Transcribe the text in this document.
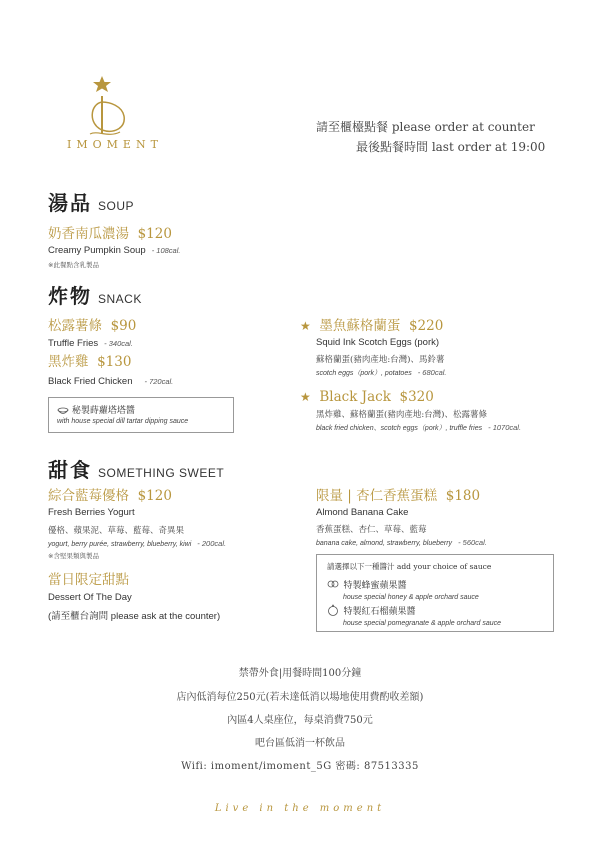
IMOMENT
請至櫃檯點餐 please order at counter
最後點餐時間 last order at 19:00
湯品 SOUP
奶香南瓜濃湯 $120
Creamy Pumpkin Soup - 108cal.
※此餐點含乳製品
炸物 SNACK
松露薯條 $90
Truffle Fries - 340cal.
黑炸雞 $130
Black Fried Chicken - 720cal.
秘製蒔蘿塔塔醬
with house special dill tartar dipping sauce
★ 墨魚蘇格蘭蛋 $220
Squid Ink Scotch Eggs (pork)
蘇格蘭蛋(豬肉產地:台灣)、馬鈴薯
scotch eggs（pork）, potatoes - 680cal.
★ Black Jack $320
黑炸雞、蘇格蘭蛋(豬肉產地:台灣)、松露薯條
black fried chicken、scotch eggs（pork）, truffle fries - 1070cal.
甜食 SOMETHING SWEET
綜合藍莓優格 $120
Fresh Berries Yogurt
優格、蘋果泥、草莓、藍莓、奇異果
yogurt, berry purée, strawberry, blueberry, kiwi - 200cal.
※含堅果類與製品
當日限定甜點
Dessert Of The Day
(請至櫃台詢問 please ask at the counter)
限量 | 杏仁香蕉蛋糕 $180
Almond Banana Cake
香蕉蛋糕、杏仁、草莓、藍莓
banana cake, almond, strawberry, blueberry - 560cal.
請選擇以下一種醬汁 add your choice of sauce
特製蜂蜜蘋果醬
house special honey & apple orchard sauce
特製紅石榴蘋果醬
house special pomegranate & apple orchard sauce
禁帶外食|用餐時間100分鐘
店內低消每位250元(若未達低消以場地使用費酌收差額)
內區4人桌座位，每桌消費750元
吧台區低消一杯飲品
Wifi: imoment/imoment_5G 密碼: 87513335
Live in the moment
